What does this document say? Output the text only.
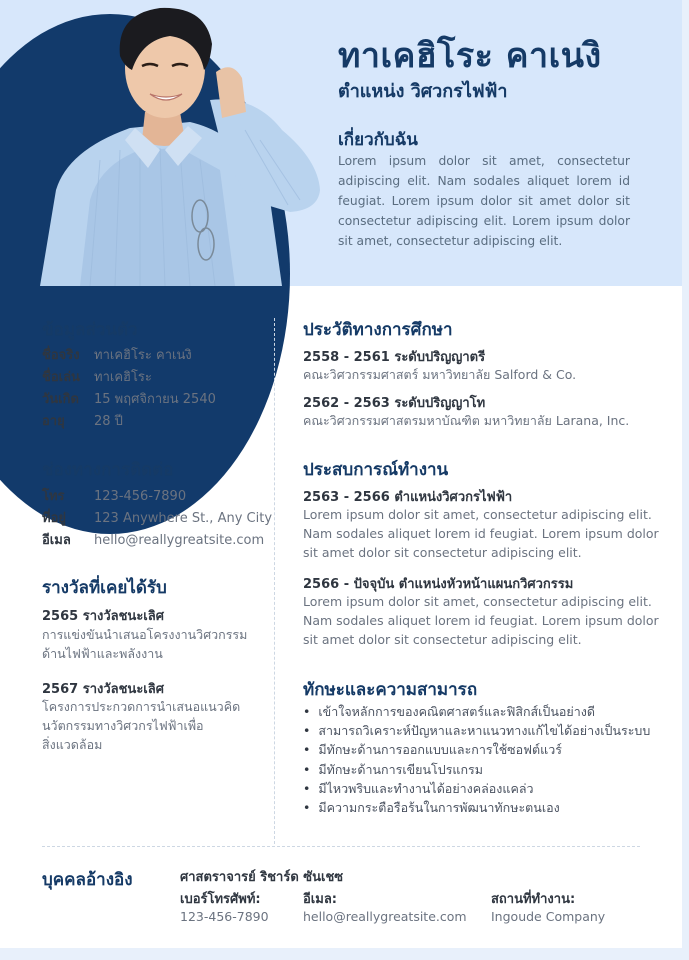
ทาเคฮิโระ คาเนงิ
ตำแหน่ง วิศวกรไฟฟ้า
เกี่ยวกับฉัน
Lorem ipsum dolor sit amet, consectetur adipiscing elit. Nam sodales aliquet lorem id feugiat. Lorem ipsum dolor sit amet dolor sit consectetur adipiscing elit. Lorem ipsum dolor sit amet, consectetur adipiscing elit.
ข้อมูลส่วนตัว
ชื่อจริง ทาเคฮิโระ คาเนงิ
ชื่อเล่น ทาเคฮิโระ
วันเกิด 15 พฤศจิกายน 2540
อายุ 28 ปี
ช่องทางการติดต่อ
โทร 123-456-7890
ที่อยู่ 123 Anywhere St., Any City
อีเมล hello@reallygreatsite.com
รางวัลที่เคยได้รับ
2565 รางวัลชนะเลิศ
การแข่งขันนำเสนอโครงงานวิศวกรรม
ด้านไฟฟ้าและพลังงาน
2567 รางวัลชนะเลิศ
โครงการประกวดการนำเสนอแนวคิด
นวัตกรรมทางวิศวกรไฟฟ้าเพื่อ
สิ่งแวดล้อม
ประวัติทางการศึกษา
2558 - 2561 ระดับปริญญาตรี
คณะวิศวกรรมศาสตร์ มหาวิทยาลัย Salford & Co.
2562 - 2563 ระดับปริญญาโท
คณะวิศวกรรมศาสตรมหาบัณฑิต มหาวิทยาลัย Larana, Inc.
ประสบการณ์ทำงาน
2563 - 2566 ตำแหน่งวิศวกรไฟฟ้า
Lorem ipsum dolor sit amet, consectetur adipiscing elit.
Nam sodales aliquet lorem id feugiat. Lorem ipsum dolor
sit amet dolor sit consectetur adipiscing elit.
2566 - ปัจจุบัน ตำแหน่งหัวหน้าแผนกวิศวกรรม
Lorem ipsum dolor sit amet, consectetur adipiscing elit.
Nam sodales aliquet lorem id feugiat. Lorem ipsum dolor
sit amet dolor sit consectetur adipiscing elit.
ทักษะและความสามารถ
• เข้าใจหลักการของคณิตศาสตร์และฟิสิกส์เป็นอย่างดี
• สามารถวิเคราะห์ปัญหาและหาแนวทางแก้ไขได้อย่างเป็นระบบ
• มีทักษะด้านการออกแบบและการใช้ซอฟต์แวร์
• มีทักษะด้านการเขียนโปรแกรม
• มีไหวพริบและทำงานได้อย่างคล่องแคล่ว
• มีความกระตือรือร้นในการพัฒนาทักษะตนเอง
บุคคลอ้างอิง	ศาสตราจารย์ ริชาร์ด ซันเชซ
เบอร์โทรศัพท์:
123-456-7890
อีเมล:
hello@reallygreatsite.com
สถานที่ทำงาน:
Ingoude Company
